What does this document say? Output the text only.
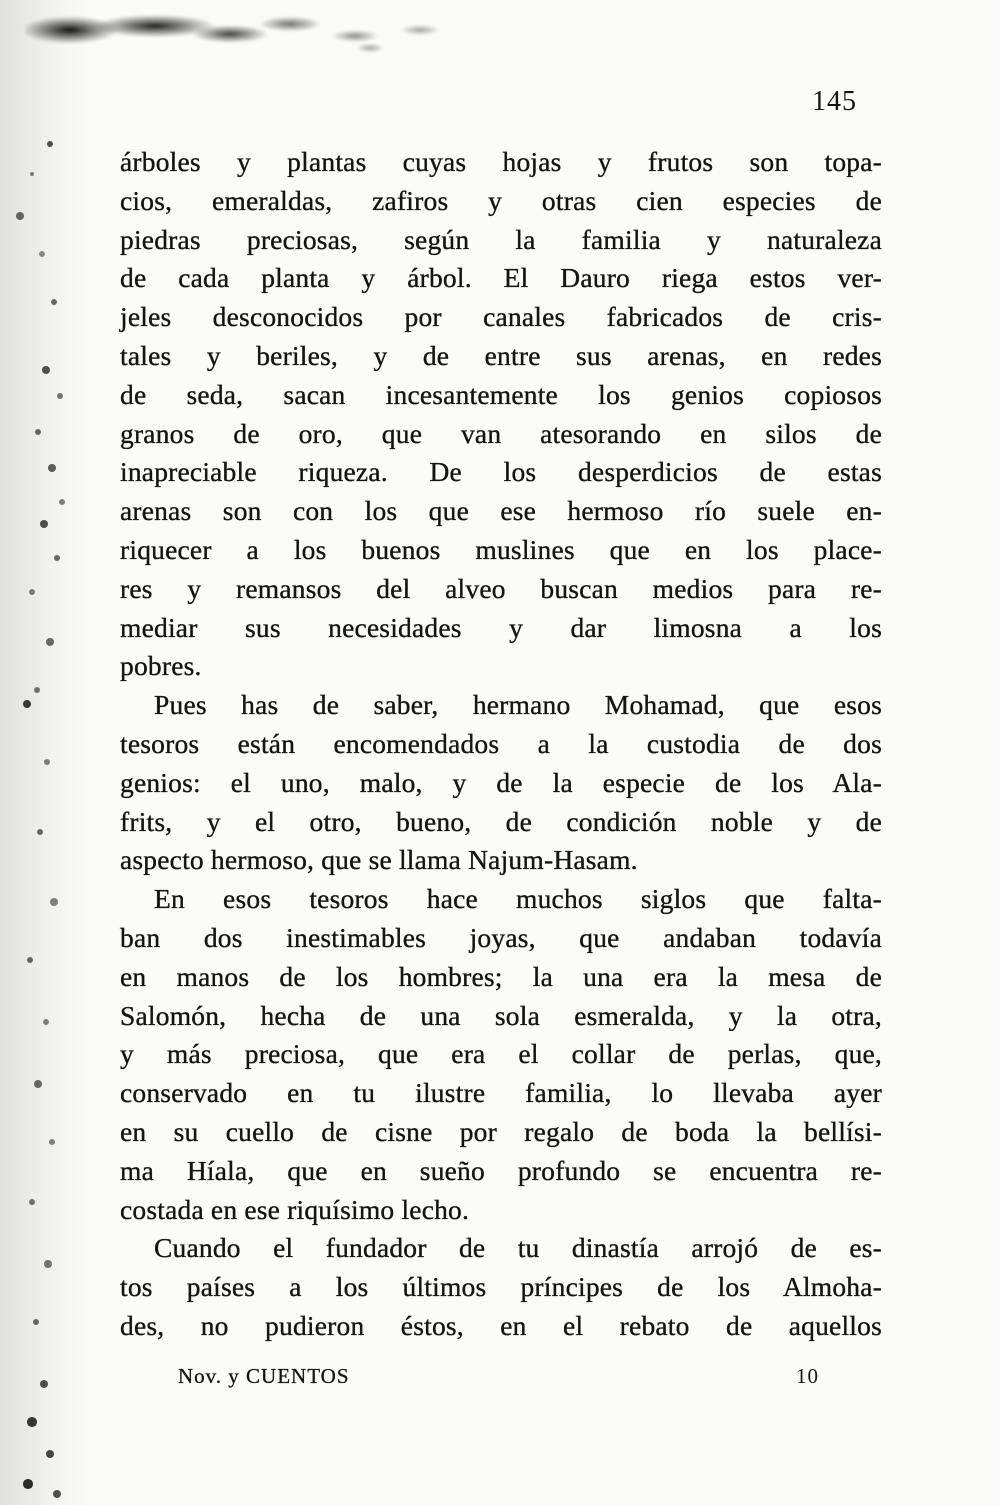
145
árboles y plantas cuyas hojas y frutos son topa-
cios, emeraldas, zafiros y otras cien especies de
piedras preciosas, según la familia y naturaleza
de cada planta y árbol. El Dauro riega estos ver-
jeles desconocidos por canales fabricados de cris-
tales y beriles, y de entre sus arenas, en redes
de seda, sacan incesantemente los genios copiosos
granos de oro, que van atesorando en silos de
inapreciable riqueza. De los desperdicios de estas
arenas son con los que ese hermoso río suele en-
riquecer a los buenos muslines que en los place-
res y remansos del alveo buscan medios para re-
mediar sus necesidades y dar limosna a los
pobres.
Pues has de saber, hermano Mohamad, que esos
tesoros están encomendados a la custodia de dos
genios: el uno, malo, y de la especie de los Ala-
frits, y el otro, bueno, de condición noble y de
aspecto hermoso, que se llama Najum-Hasam.
En esos tesoros hace muchos siglos que falta-
ban dos inestimables joyas, que andaban todavía
en manos de los hombres; la una era la mesa de
Salomón, hecha de una sola esmeralda, y la otra,
y más preciosa, que era el collar de perlas, que,
conservado en tu ilustre familia, lo llevaba ayer
en su cuello de cisne por regalo de boda la bellísi-
ma Híala, que en sueño profundo se encuentra re-
costada en ese riquísimo lecho.
Cuando el fundador de tu dinastía arrojó de es-
tos países a los últimos príncipes de los Almoha-
des, no pudieron éstos, en el rebato de aquellos
Nov. y CUENTOS	10
